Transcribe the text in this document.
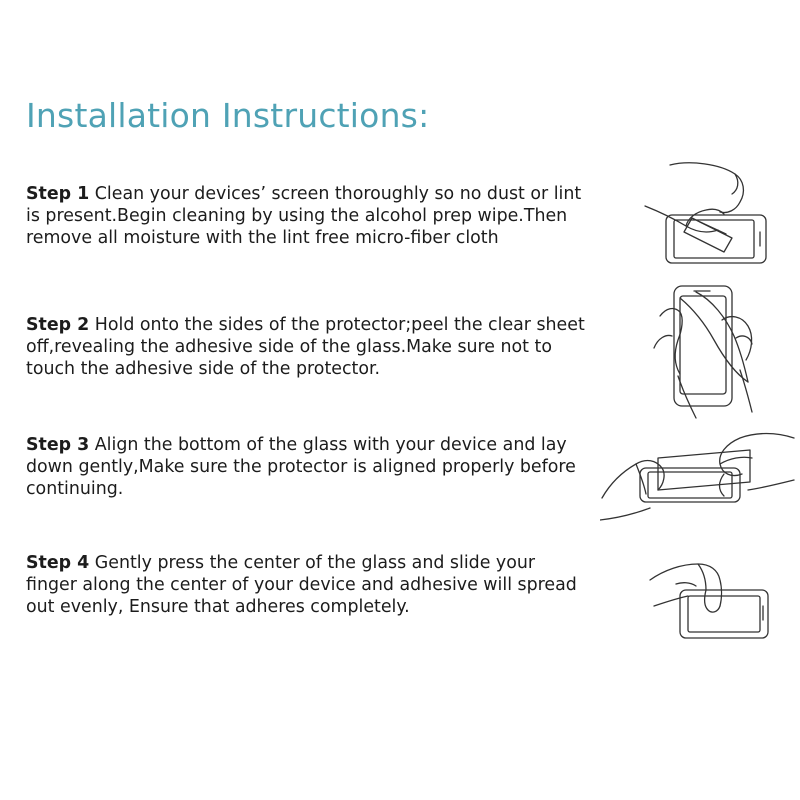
Installation Instructions:
Step 1 Clean your devices’ screen thoroughly so no dust or lint is present.Begin cleaning by using the alcohol prep wipe.Then remove all moisture with the lint free micro-fiber cloth
Step 2 Hold onto the sides of the protector;peel the clear sheet off,revealing the adhesive side of the glass.Make sure not to touch the adhesive side of the protector.
Step 3 Align the bottom of the glass with your device and lay down gently,Make sure the protector is aligned properly before continuing.
Step 4 Gently press the center of the glass and slide your finger along the center of your device and adhesive will spread out evenly, Ensure that adheres completely.
